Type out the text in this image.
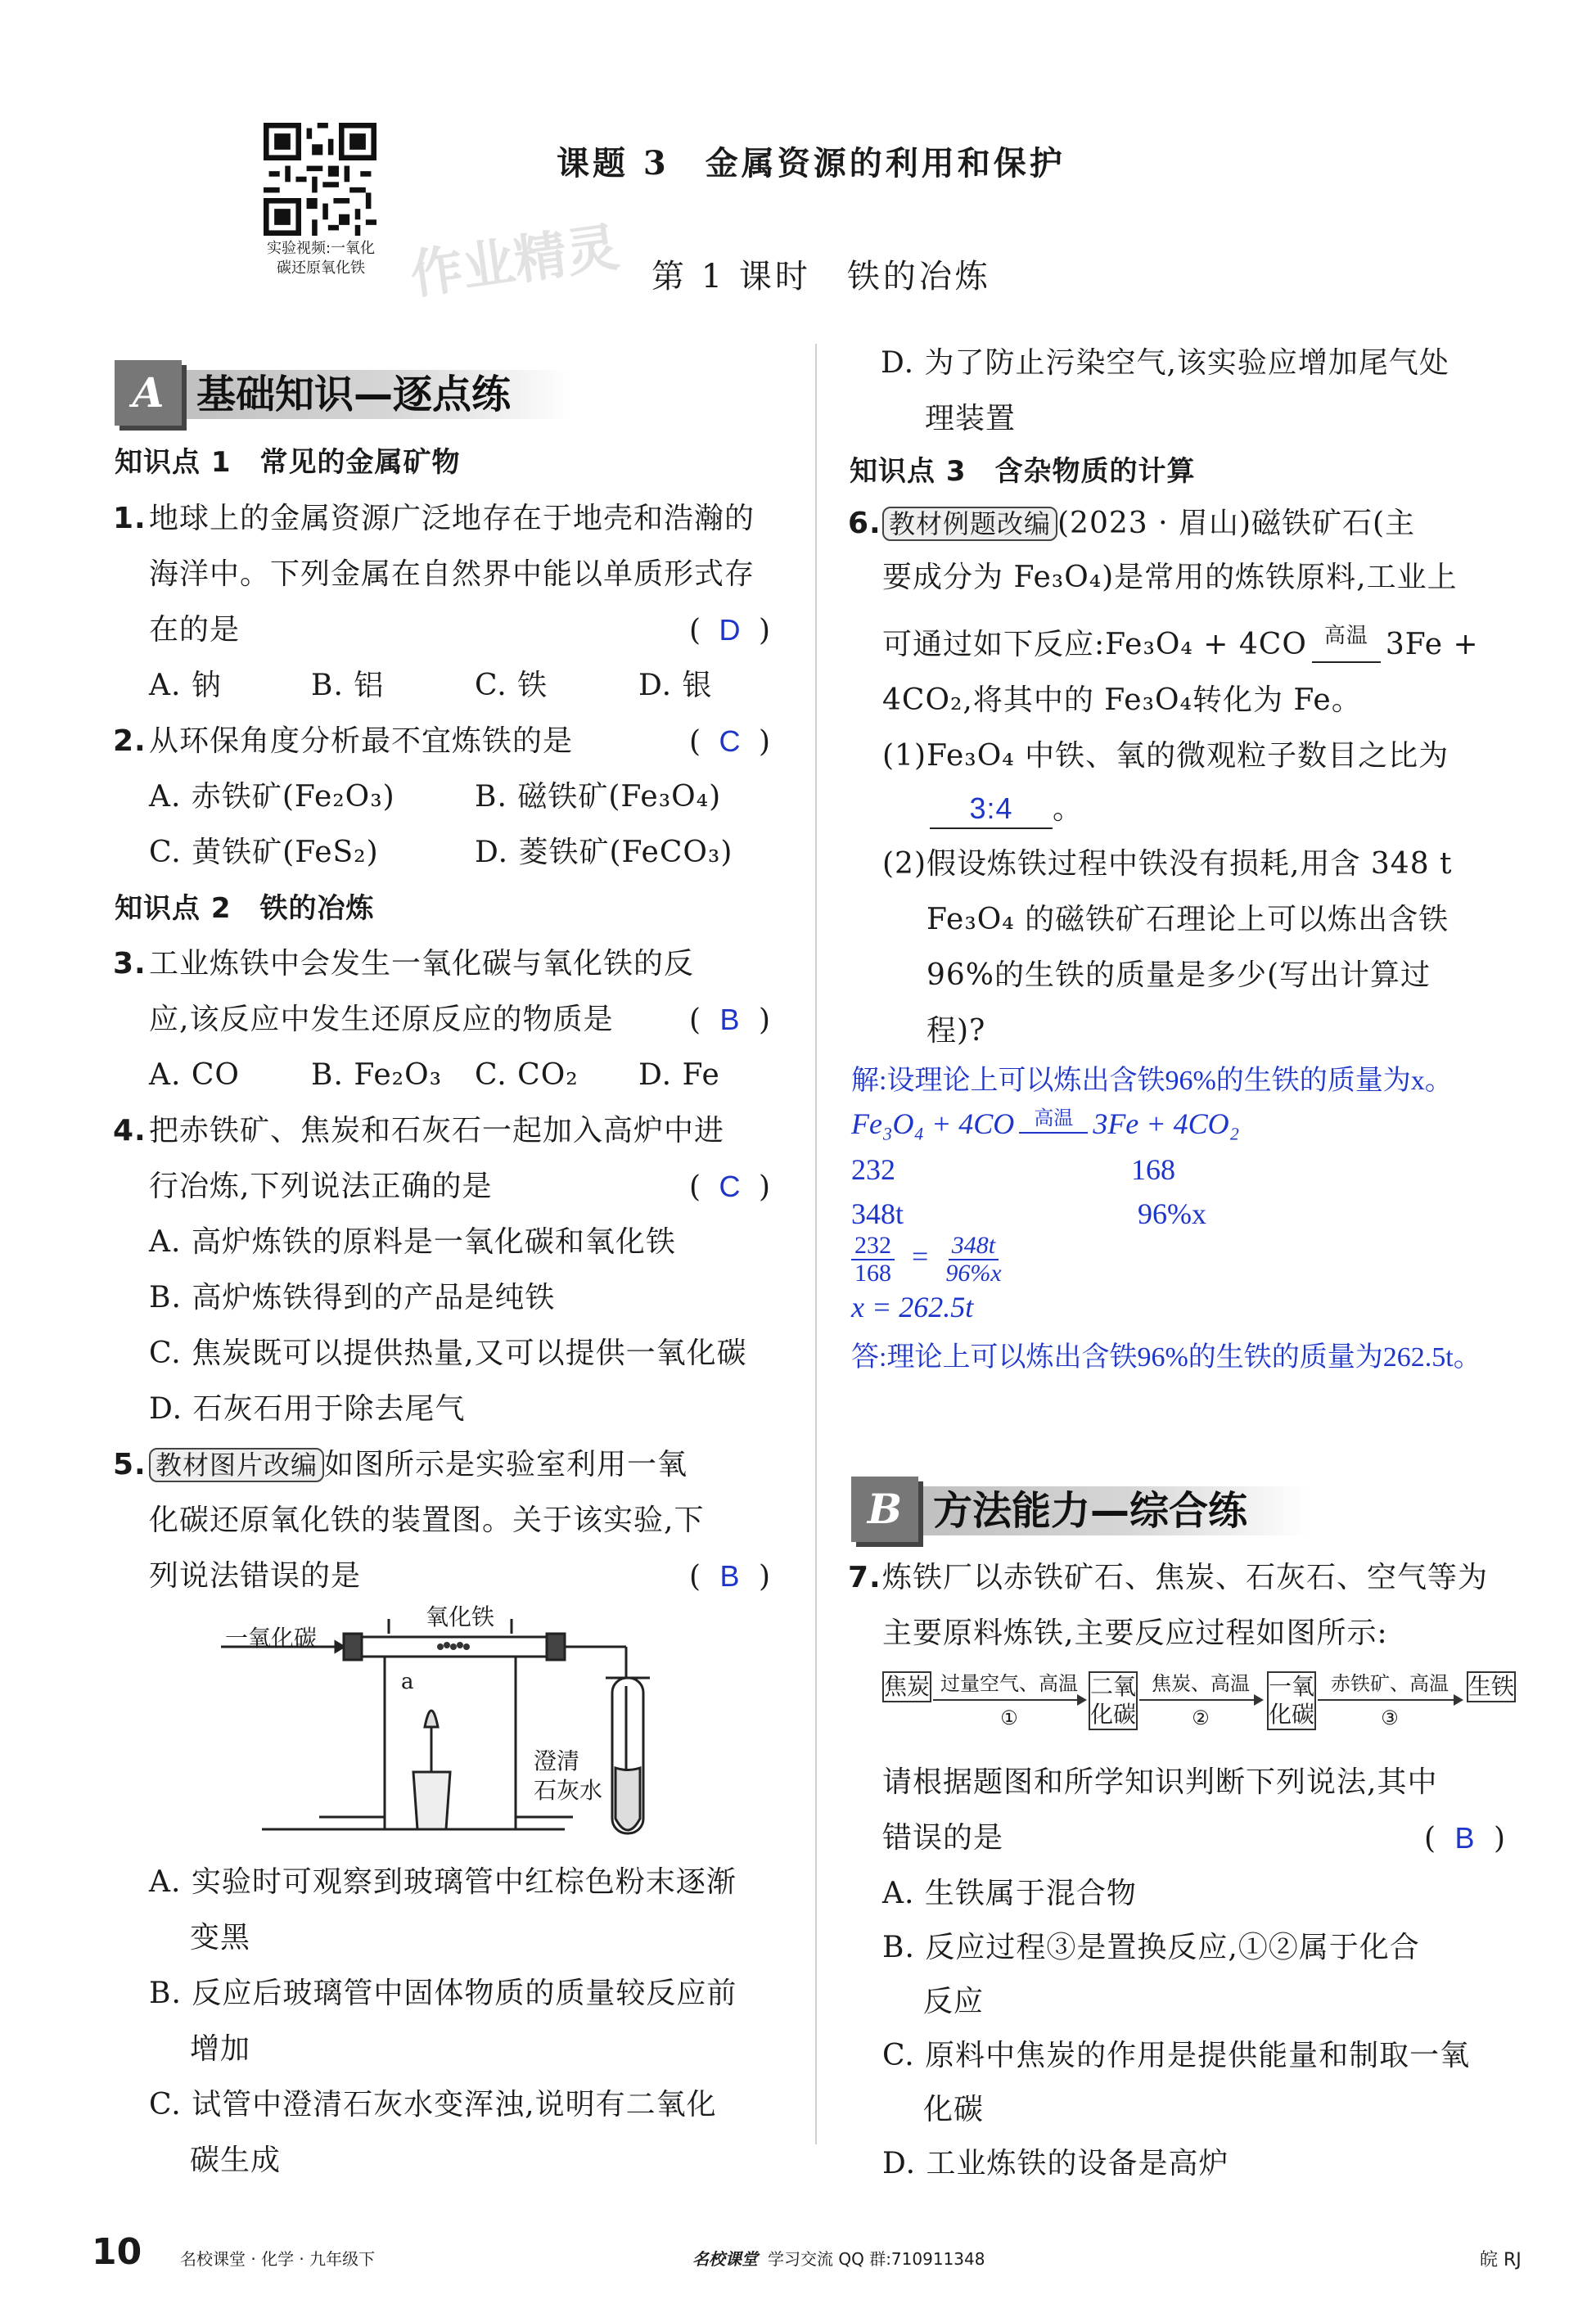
实验视频:一氧化
碳还原氧化铁 作业精灵
课题 3　金属资源的利用和保护
第 1 课时　铁的冶炼
A 基础知识—逐点练
知识点 1　常见的金属矿物
1. 地球上的金属资源广泛地存在于地壳和浩瀚的
海洋中。下列金属在自然界中能以单质形式存
在的是	( D )
A. 钠	B. 铝	C. 铁	D. 银
2. 从环保角度分析最不宜炼铁的是	( C )
A. 赤铁矿(Fe₂O₃)	B. 磁铁矿(Fe₃O₄)
C. 黄铁矿(FeS₂)	D. 菱铁矿(FeCO₃)
知识点 2　铁的冶炼
3. 工业炼铁中会发生一氧化碳与氧化铁的反
应,该反应中发生还原反应的物质是	( B )
A. CO B. Fe₂O₃ C. CO₂ D. Fe
4. 把赤铁矿、焦炭和石灰石一起加入高炉中进
行冶炼,下列说法正确的是	( C )
A. 高炉炼铁的原料是一氧化碳和氧化铁
B. 高炉炼铁得到的产品是纯铁
C. 焦炭既可以提供热量,又可以提供一氧化碳
D. 石灰石用于除去尾气
5. 教材图片改编 如图所示是实验室利用一氧
化碳还原氧化铁的装置图。关于该实验,下
列说法错误的是	( B )
一氧化碳
氧化铁
a
澄清
石灰水
A. 实验时可观察到玻璃管中红棕色粉末逐渐
变黑
B. 反应后玻璃管中固体物质的质量较反应前
增加
C. 试管中澄清石灰水变浑浊,说明有二氧化
碳生成
D. 为了防止污染空气,该实验应增加尾气处
理装置
知识点 3　含杂物质的计算
6. 教材例题改编 (2023 · 眉山)磁铁矿石(主
要成分为 Fe₃O₄)是常用的炼铁原料,工业上
可通过如下反应:Fe₃O₄ + 4CO 高温 3Fe +
4CO₂,将其中的 Fe₃O₄转化为 Fe。
(1)Fe₃O₄ 中铁、氧的微观粒子数目之比为
3:4 。
(2)假设炼铁过程中铁没有损耗,用含 348 t
Fe₃O₄ 的磁铁矿石理论上可以炼出含铁
96%的生铁的质量是多少(写出计算过
程)?
解:设理论上可以炼出含铁96%的生铁的质量为x。
Fe₃O₄ + 4CO	高温 3Fe + 4CO₂
232	168
348t	96%x
$\frac{232}{168} = \frac{348t}{96\%x}$
x = 262.5t
答:理论上可以炼出含铁96%的生铁的质量为262.5t。
B 方法能力—综合练
7. 炼铁厂以赤铁矿石、焦炭、石灰石、空气等为
主要原料炼铁,主要反应过程如图所示:
焦炭 过量空气、高温
①
二氧化碳
焦炭、高温
②
一氧化碳
赤铁矿、高温
③
生铁
请根据题图和所学知识判断下列说法,其中
错误的是	( B )
A. 生铁属于混合物
B. 反应过程③是置换反应,①②属于化合
反应
C. 原料中焦炭的作用是提供能量和制取一氧
化碳
D. 工业炼铁的设备是高炉
10 名校课堂 · 化学 · 九年级下	名校课堂 学习交流 QQ 群:710911348	皖 RJ
